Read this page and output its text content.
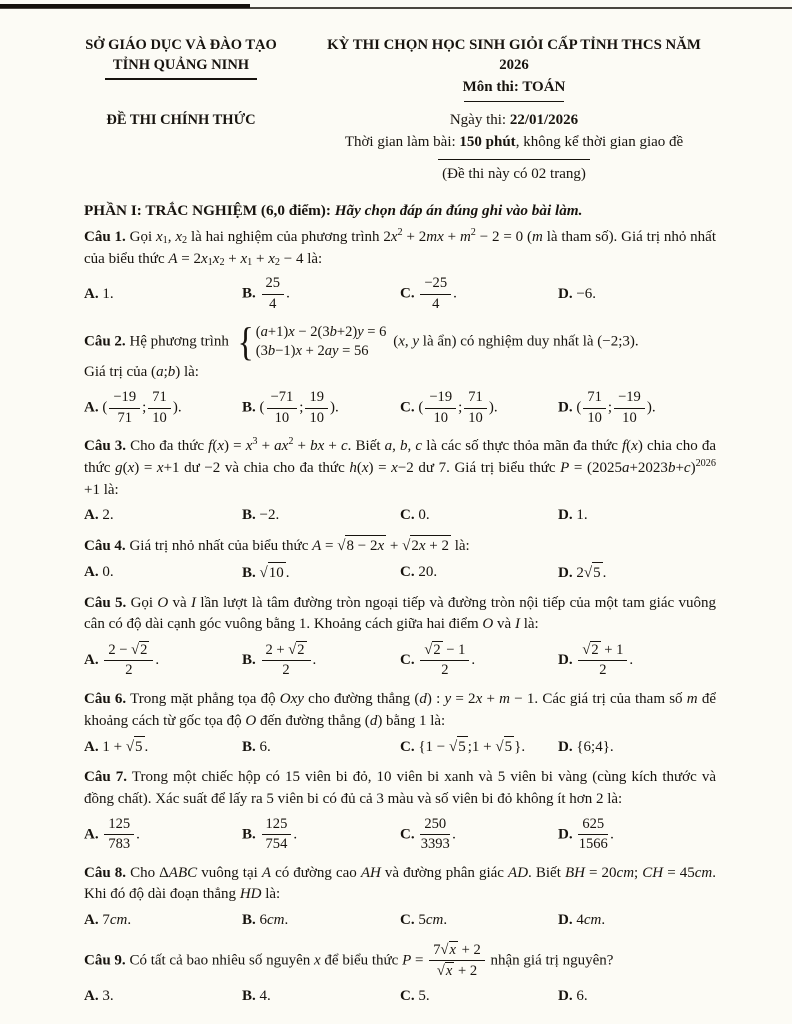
SỞ GIÁO DỤC VÀ ĐÀO TẠO
TỈNH QUẢNG NINH
ĐỀ THI CHÍNH THỨC
KỲ THI CHỌN HỌC SINH GIỎI CẤP TỈNH THCS NĂM 2026
Môn thi: TOÁN
Ngày thi: 22/01/2026
Thời gian làm bài: 150 phút, không kể thời gian giao đề
(Đề thi này có 02 trang)
PHẦN I: TRẮC NGHIỆM (6,0 điểm): Hãy chọn đáp án đúng ghi vào bài làm.
Câu 1. Gọi $x_1$, $x_2$ là hai nghiệm của phương trình $2x^2 + 2mx + m^2 - 2 = 0$ (m là tham số). Giá trị nhỏ nhất của biểu thức $A = 2x_1x_2 + x_1 + x_2 - 4$ là:
A. 1.	B. $\frac{25}{4}$ .	C. $\frac{-25}{4}$ .	D. −6.
Câu 2. Hệ phương trình { (a+1)x − 2(3b+2)y = 6
(3b−1)x + 2ay = 56
(x, y là ẩn) có nghiệm duy nhất là (−2;3).
Giá trị của (a;b) là:
A. ( $\frac{-19}{71}$ ; $\frac{71}{10}$ ).	B. ( $\frac{-71}{10}$ ; $\frac{19}{10}$ ).	C. ( $\frac{-19}{10}$ ; $\frac{71}{10}$ ).	D. ( $\frac{71}{10}$ ; $\frac{-19}{10}$ ).
Câu 3. Cho đa thức $f(x) = x^3 + ax^2$ + bx + c. Biết a, b, c là các số thực thỏa mãn đa thức f(x) chia cho đa thức g(x) = x+1 dư −2 và chia cho đa thức h(x) = x−2 dư 7. Giá trị biểu thức $P = (2025a+2023b+c)^{2026} +1$ là:
A. 2.	B. −2.	C. 0.	D. 1.
Câu 4. Giá trị nhỏ nhất của biểu thức A = √8 − 2x + √2x + 2 là:
A. 0.	B. √10 .	C. 20.	D. 2√5 .
Câu 5. Gọi O và I lần lượt là tâm đường tròn ngoại tiếp và đường tròn nội tiếp của một tam giác vuông cân có độ dài cạnh góc vuông bằng 1. Khoảng cách giữa hai điểm O và I là:
A. $\frac{2 - √2}{2}$ .	B. $\frac{2 + √2}{2}$ .	C. $\frac{√2 - 1}{2}$ .	D. $\frac{√2 + 1}{2}$ .
Câu 6. Trong mặt phẳng tọa độ Oxy cho đường thẳng (d) : y = 2x + m − 1. Các giá trị của tham số m để khoảng cách từ gốc tọa độ O đến đường thẳng (d) bằng 1 là:
A. 1 + √5 .	B. 6.	C. {1 − √5 ;1 + √5 }.	D. {6;4}.
Câu 7. Trong một chiếc hộp có 15 viên bi đỏ, 10 viên bi xanh và 5 viên bi vàng (cùng kích thước và đồng chất). Xác suất để lấy ra 5 viên bi có đủ cả 3 màu và số viên bi đỏ không ít hơn 2 là:
A. $\frac{125}{783}$ .	B. $\frac{125}{754}$ .	C. $\frac{250}{3393}$ .	D. $\frac{625}{1566}$ .
Câu 8. Cho ΔABC vuông tại A có đường cao AH và đường phân giác AD. Biết BH = 20cm; CH = 45cm. Khi đó độ dài đoạn thẳng HD là:
A. 7cm.	B. 6cm.	C. 5cm.	D. 4cm.
Câu 9. Có tất cả bao nhiêu số nguyên x để biểu thức $P = \frac{7√x + 2}{√x + 2}$ nhận giá trị nguyên?
A. 3.	B. 4.	C. 5.	D. 6.
